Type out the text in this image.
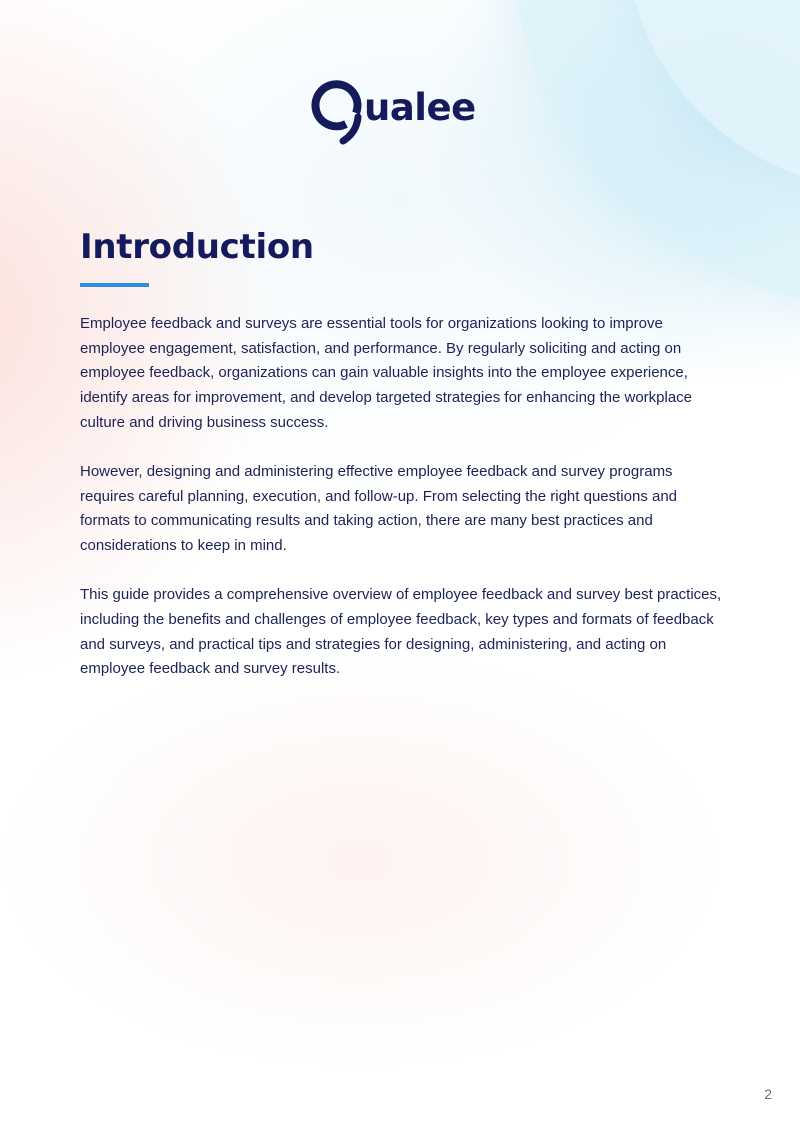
ualee
Introduction

Employee feedback and surveys are essential tools for organizations looking to improve employee engagement, satisfaction, and performance. By regularly soliciting and acting on employee feedback, organizations can gain valuable insights into the employee experience, identify areas for improvement, and develop targeted strategies for enhancing the workplace culture and driving business success.

However, designing and administering effective employee feedback and survey programs requires careful planning, execution, and follow-up. From selecting the right questions and formats to communicating results and taking action, there are many best practices and considerations to keep in mind.

This guide provides a comprehensive overview of employee feedback and survey best practices, including the benefits and challenges of employee feedback, key types and formats of feedback and surveys, and practical tips and strategies for designing, administering, and acting on employee feedback and survey results.

2
